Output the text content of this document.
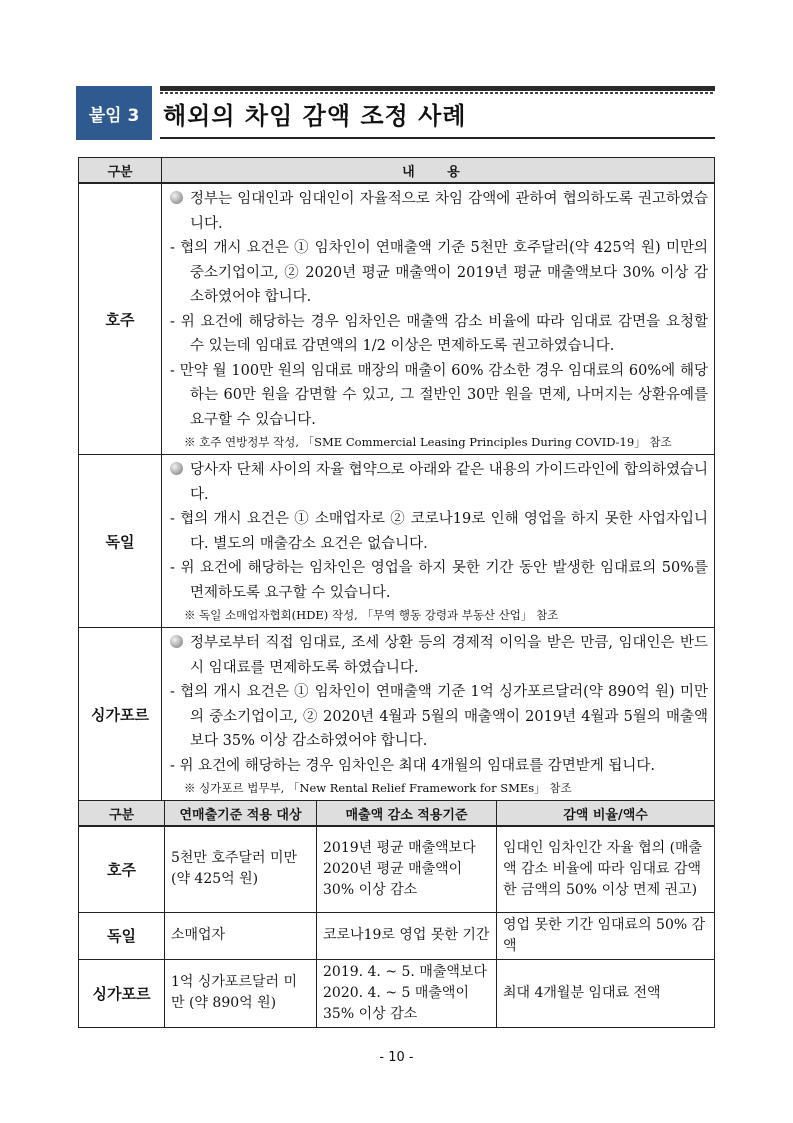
붙임 3 해외의 차임 감액 조정 사례
구분	내 용
호주	정부는 임대인과 임대인이 자율적으로 차임 감액에 관하여 협의하도록 권고하였습니다.
- 협의 개시 요건은 ① 임차인이 연매출액 기준 5천만 호주달러(약 425억 원) 미만의 중소기업이고, ② 2020년 평균 매출액이 2019년 평균 매출액보다 30% 이상 감소하였어야 합니다.
- 위 요건에 해당하는 경우 임차인은 매출액 감소 비율에 따라 임대료 감면을 요청할 수 있는데 임대료 감면액의 1/2 이상은 면제하도록 권고하였습니다.
- 만약 월 100만 원의 임대료 매장의 매출이 60% 감소한 경우 임대료의 60%에 해당하는 60만 원을 감면할 수 있고, 그 절반인 30만 원을 면제, 나머지는 상환유예를 요구할 수 있습니다.
※ 호주 연방정부 작성, 「SME Commercial Leasing Principles During COVID-19」 참조

독일	당사자 단체 사이의 자율 협약으로 아래와 같은 내용의 가이드라인에 합의하였습니다.
- 협의 개시 요건은 ① 소매업자로 ② 코로나19로 인해 영업을 하지 못한 사업자입니다. 별도의 매출감소 요건은 없습니다.
- 위 요건에 해당하는 임차인은 영업을 하지 못한 기간 동안 발생한 임대료의 50%를 면제하도록 요구할 수 있습니다.
※ 독일 소매업자협회(HDE) 작성, 「무역 행동 강령과 부동산 산업」 참조

싱가포르	정부로부터 직접 임대료, 조세 상환 등의 경제적 이익을 받은 만큼, 임대인은 반드시 임대료를 면제하도록 하였습니다.
- 협의 개시 요건은 ① 임차인이 연매출액 기준 1억 싱가포르달러(약 890억 원) 미만의 중소기업이고, ② 2020년 4월과 5월의 매출액이 2019년 4월과 5월의 매출액보다 35% 이상 감소하였어야 합니다.
- 위 요건에 해당하는 경우 임차인은 최대 4개월의 임대료를 감면받게 됩니다.
※ 싱가포르 법무부, 「New Rental Relief Framework for SMEs」 참조
구분	연매출기준 적용 대상	매출액 감소 적용기준	감액 비율/액수
호주	5천만 호주달러 미만 (약 425억 원)	2019년 평균 매출액보다 2020년 평균 매출액이 30% 이상 감소	임대인 임차인간 자율 협의 (매출액 감소 비율에 따라 임대료 감액한 금액의 50% 이상 면제 권고)
독일	소매업자	코로나19로 영업 못한 기간	영업 못한 기간 임대료의 50% 감액
싱가포르	1억 싱가포르달러 미만 (약 890억 원)	2019. 4. ~ 5. 매출액보다 2020. 4. ~ 5 매출액이 35% 이상 감소	최대 4개월분 임대료 전액
- 10 -
